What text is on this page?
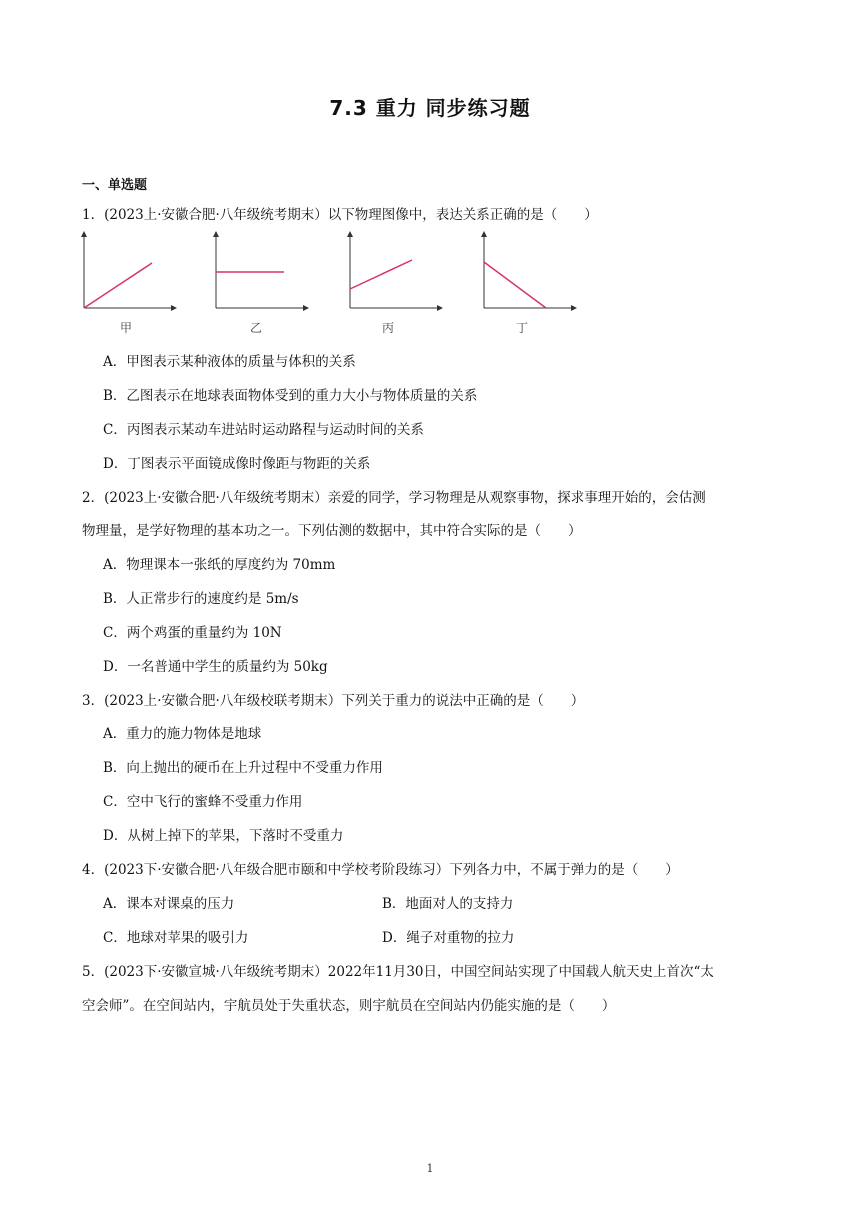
7.3 重力 同步练习题
一、单选题
1．(2023上·安徽合肥·八年级统考期末）以下物理图像中，表达关系正确的是（　　）
甲	乙	丙	丁
A．甲图表示某种液体的质量与体积的关系
B．乙图表示在地球表面物体受到的重力大小与物体质量的关系
C．丙图表示某动车进站时运动路程与运动时间的关系
D．丁图表示平面镜成像时像距与物距的关系
2．(2023上·安徽合肥·八年级统考期末）亲爱的同学，学习物理是从观察事物，探求事理开始的，会估测
物理量，是学好物理的基本功之一。下列估测的数据中，其中符合实际的是（　　）
A．物理课本一张纸的厚度约为 70mm
B．人正常步行的速度约是 5m/s
C．两个鸡蛋的重量约为 10N
D．一名普通中学生的质量约为 50kg
3．(2023上·安徽合肥·八年级校联考期末）下列关于重力的说法中正确的是（　　）
A．重力的施力物体是地球
B．向上抛出的硬币在上升过程中不受重力作用
C．空中飞行的蜜蜂不受重力作用
D．从树上掉下的苹果，下落时不受重力
4．(2023下·安徽合肥·八年级合肥市颐和中学校考阶段练习）下列各力中，不属于弹力的是（　　）
A．课本对课桌的压力	B．地面对人的支持力
C．地球对苹果的吸引力	D．绳子对重物的拉力
5．(2023下·安徽宣城·八年级统考期末）2022年11月30日，中国空间站实现了中国载人航天史上首次“太
空会师”。在空间站内，宇航员处于失重状态，则宇航员在空间站内仍能实施的是（　　）
1
